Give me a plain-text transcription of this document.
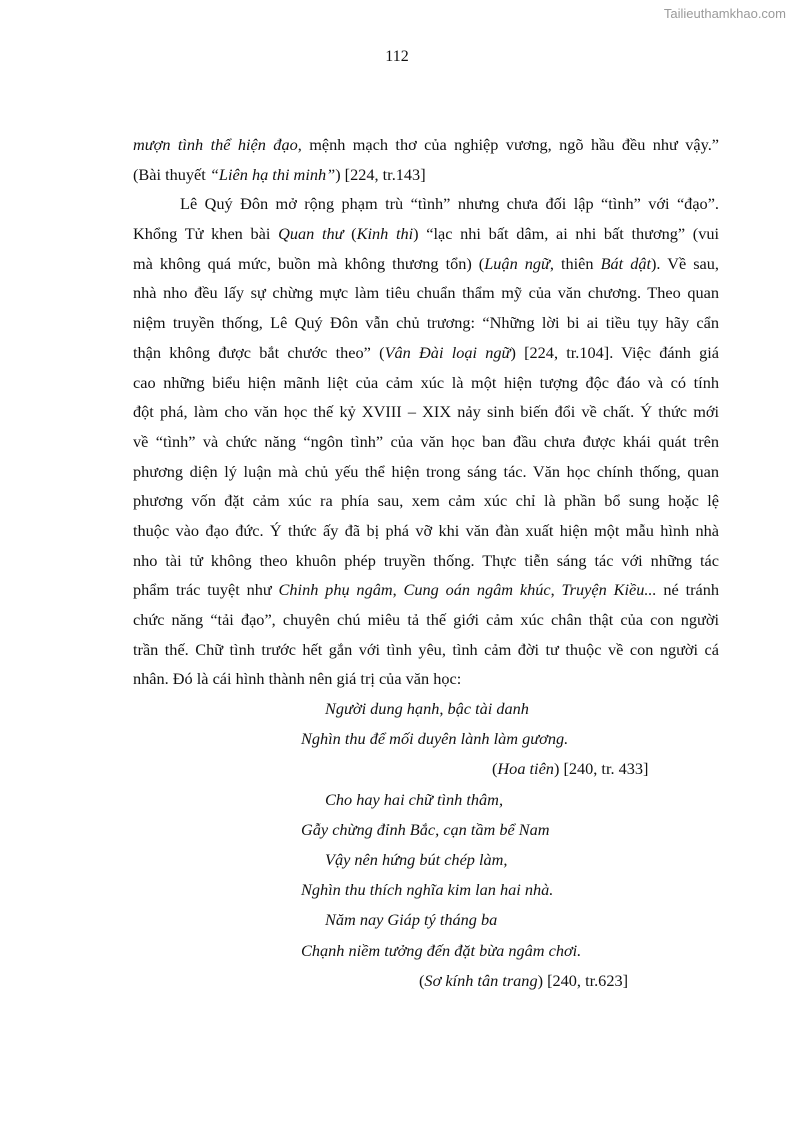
Tailieuthamkhao.com
112
mượn tình thể hiện đạo, mệnh mạch thơ của nghiệp vương, ngõ hầu đều như vậy.”
(Bài thuyết “Liên hạ thi minh”) [224, tr.143]
Lê Quý Đôn mở rộng phạm trù “tình” nhưng chưa đối lập “tình” với “đạo”.
Khổng Tử khen bài Quan thư (Kinh thi) “lạc nhi bất dâm, ai nhi bất thương” (vui
mà không quá mức, buồn mà không thương tổn) (Luận ngữ, thiên Bát dật). Về sau,
nhà nho đều lấy sự chừng mực làm tiêu chuẩn thẩm mỹ của văn chương. Theo quan
niệm truyền thống, Lê Quý Đôn vẫn chủ trương: “Những lời bi ai tiều tụy hãy cẩn
thận không được bắt chước theo” (Vân Đài loại ngữ) [224, tr.104]. Việc đánh giá
cao những biểu hiện mãnh liệt của cảm xúc là một hiện tượng độc đáo và có tính
đột phá, làm cho văn học thế kỷ XVIII – XIX nảy sinh biến đổi về chất. Ý thức mới
về “tình” và chức năng “ngôn tình” của văn học ban đầu chưa được khái quát trên
phương diện lý luận mà chủ yếu thể hiện trong sáng tác. Văn học chính thống, quan
phương vốn đặt cảm xúc ra phía sau, xem cảm xúc chỉ là phần bổ sung hoặc lệ
thuộc vào đạo đức. Ý thức ấy đã bị phá vỡ khi văn đàn xuất hiện một mẫu hình nhà
nho tài tử không theo khuôn phép truyền thống. Thực tiễn sáng tác với những tác
phẩm trác tuyệt như Chinh phụ ngâm, Cung oán ngâm khúc, Truyện Kiều... né tránh
chức năng “tải đạo”, chuyên chú miêu tả thế giới cảm xúc chân thật của con người
trần thế. Chữ tình trước hết gắn với tình yêu, tình cảm đời tư thuộc về con người cá
nhân. Đó là cái hình thành nên giá trị của văn học:
Người dung hạnh, bậc tài danh
Nghìn thu để mối duyên lành làm gương.
(Hoa tiên) [240, tr. 433]
Cho hay hai chữ tình thâm,
Gẫy chừng đỉnh Bắc, cạn tầm bể Nam
Vậy nên hứng bút chép làm,
Nghìn thu thích nghĩa kim lan hai nhà.
Năm nay Giáp tý tháng ba
Chạnh niềm tưởng đến đặt bừa ngâm chơi.
(Sơ kính tân trang) [240, tr.623]
